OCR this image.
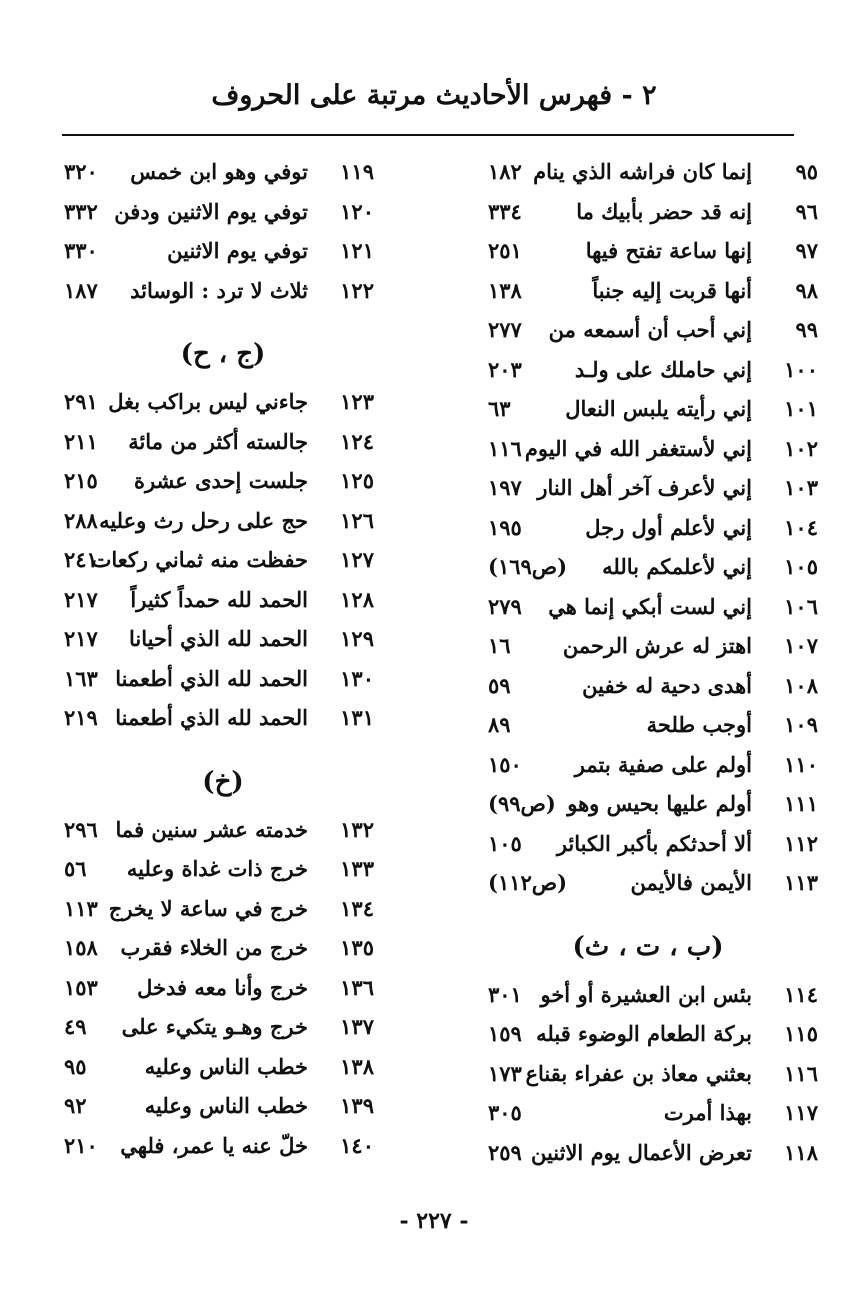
٢ - فهرس الأحاديث مرتبة على الحروف
٩٥
إنما كان فراشه الذي ينام
١٨٢
٩٦
إنه قد حضر بأبيك ما
٣٣٤
٩٧
إنها ساعة تفتح فيها
٢٥١
٩٨
أنها قربت إليه جنباً
١٣٨
٩٩
إني أحب أن أسمعه من
٢٧٧
١٠٠
إني حاملك على ولـد
٢٠٣
١٠١
إني رأيته يلبس النعال
٦٣
١٠٢
إني لأستغفر الله في اليوم
١١٦
١٠٣
إني لأعرف آخر أهل النار
١٩٧
١٠٤
إني لأعلم أول رجل
١٩٥
١٠٥
إني لأعلمكم بالله
(ص١٦٩)
١٠٦
إني لست أبكي إنما هي
٢٧٩
١٠٧
اهتز له عرش الرحمن
١٦
١٠٨
أهدى دحية له خفين
٥٩
١٠٩
أوجب طلحة
٨٩
١١٠
أولم على صفية بتمر
١٥٠
١١١
أولم عليها بحيس وهو
(ص٩٩)
١١٢
ألا أحدثكم بأكبر الكبائر
١٠٥
١١٣
الأيمن فالأيمن
(ص١١٢)
(ب ، ت ، ث)
١١٤
بئس ابن العشيرة أو أخو
٣٠١
١١٥
بركة الطعام الوضوء قبله
١٥٩
١١٦
بعثني معاذ بن عفراء بقناع
١٧٣
١١٧
بهذا أمرت
٣٠٥
١١٨
تعرض الأعمال يوم الاثنين
٢٥٩
١١٩
توفي وهو ابن خمس
٣٢٠
١٢٠
توفي يوم الاثنين ودفن
٣٣٢
١٢١
توفي يوم الاثنين
٣٣٠
١٢٢
ثلاث لا ترد : الوسائد
١٨٧
(ج ، ح)
١٢٣
جاءني ليس براكب بغل
٢٩١
١٢٤
جالسته أكثر من مائة
٢١١
١٢٥
جلست إحدى عشرة
٢١٥
١٢٦
حج على رحل رث وعليه
٢٨٨
١٢٧
حفظت منه ثماني ركعات
٢٤١
١٢٨
الحمد لله حمداً كثيراً
٢١٧
١٢٩
الحمد لله الذي أحيانا
٢١٧
١٣٠
الحمد لله الذي أطعمنا
١٦٣
١٣١
الحمد لله الذي أطعمنا
٢١٩
(خ)
١٣٢
خدمته عشر سنين فما
٢٩٦
١٣٣
خرج ذات غداة وعليه
٥٦
١٣٤
خرج في ساعة لا يخرج
١١٣
١٣٥
خرج من الخلاء فقرب
١٥٨
١٣٦
خرج وأنا معه فدخل
١٥٣
١٣٧
خرج وهـو يتكيء على
٤٩
١٣٨
خطب الناس وعليه
٩٥
١٣٩
خطب الناس وعليه
٩٢
١٤٠
خلّ عنه يا عمر، فلهي
٢١٠
- ٢٢٧ -
